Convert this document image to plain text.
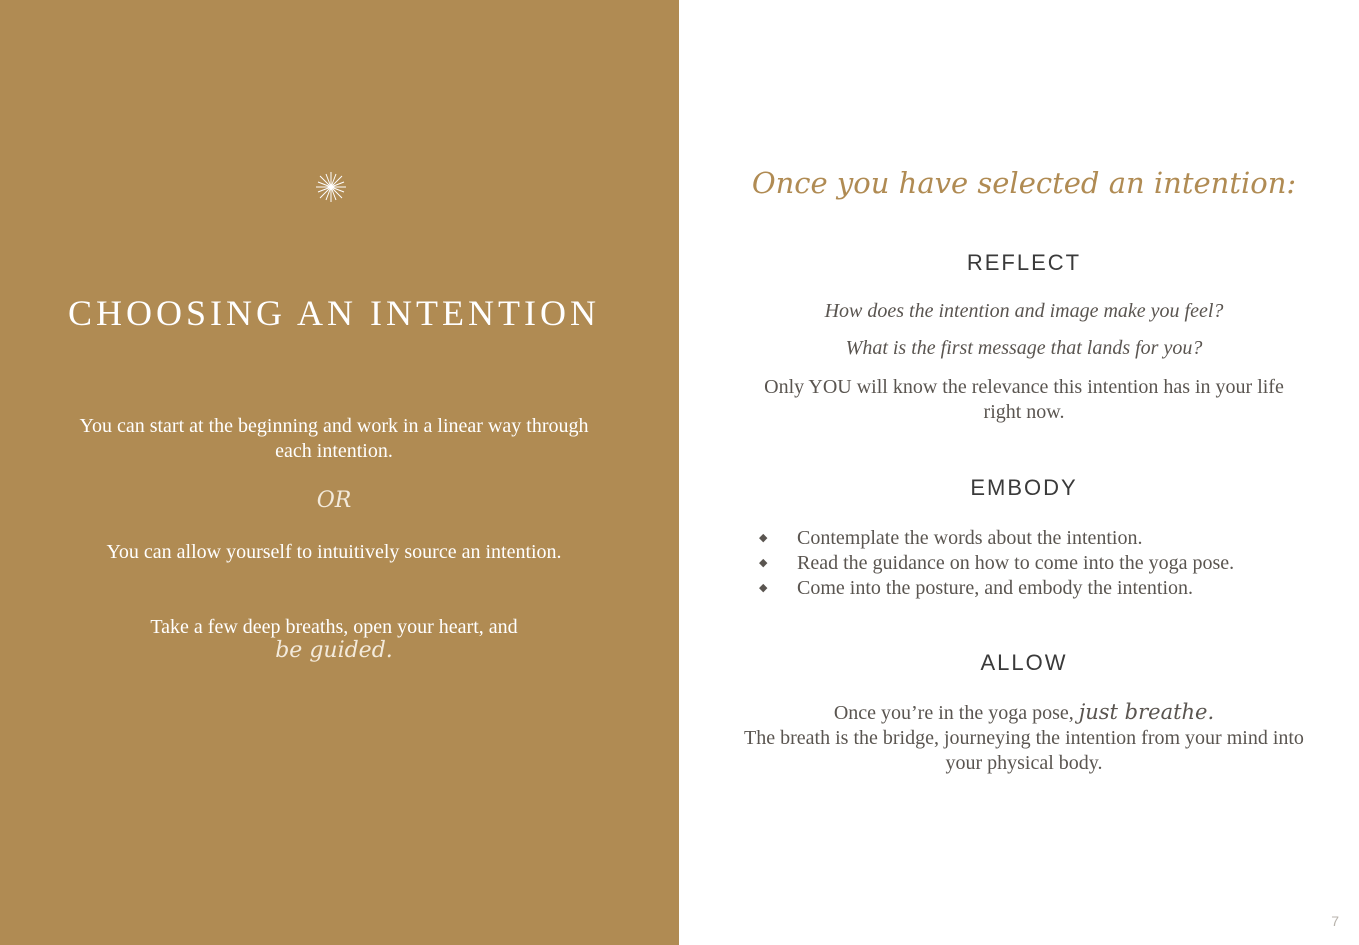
CHOOSING AN INTENTION
You can start at the beginning and work in a linear way through each intention.
OR
You can allow yourself to intuitively source an intention.
Take a few deep breaths, open your heart, and
be guided.
Once you have selected an intention:
REFLECT
How does the intention and image make you feel?
What is the first message that lands for you?
Only YOU will know the relevance this intention has in your life right now.
EMBODY
◆ Contemplate the words about the intention.
◆ Read the guidance on how to come into the yoga pose.
◆ Come into the posture, and embody the intention.
ALLOW
Once you’re in the yoga pose, just breathe.
The breath is the bridge, journeying the intention from your mind into your physical body.
7
